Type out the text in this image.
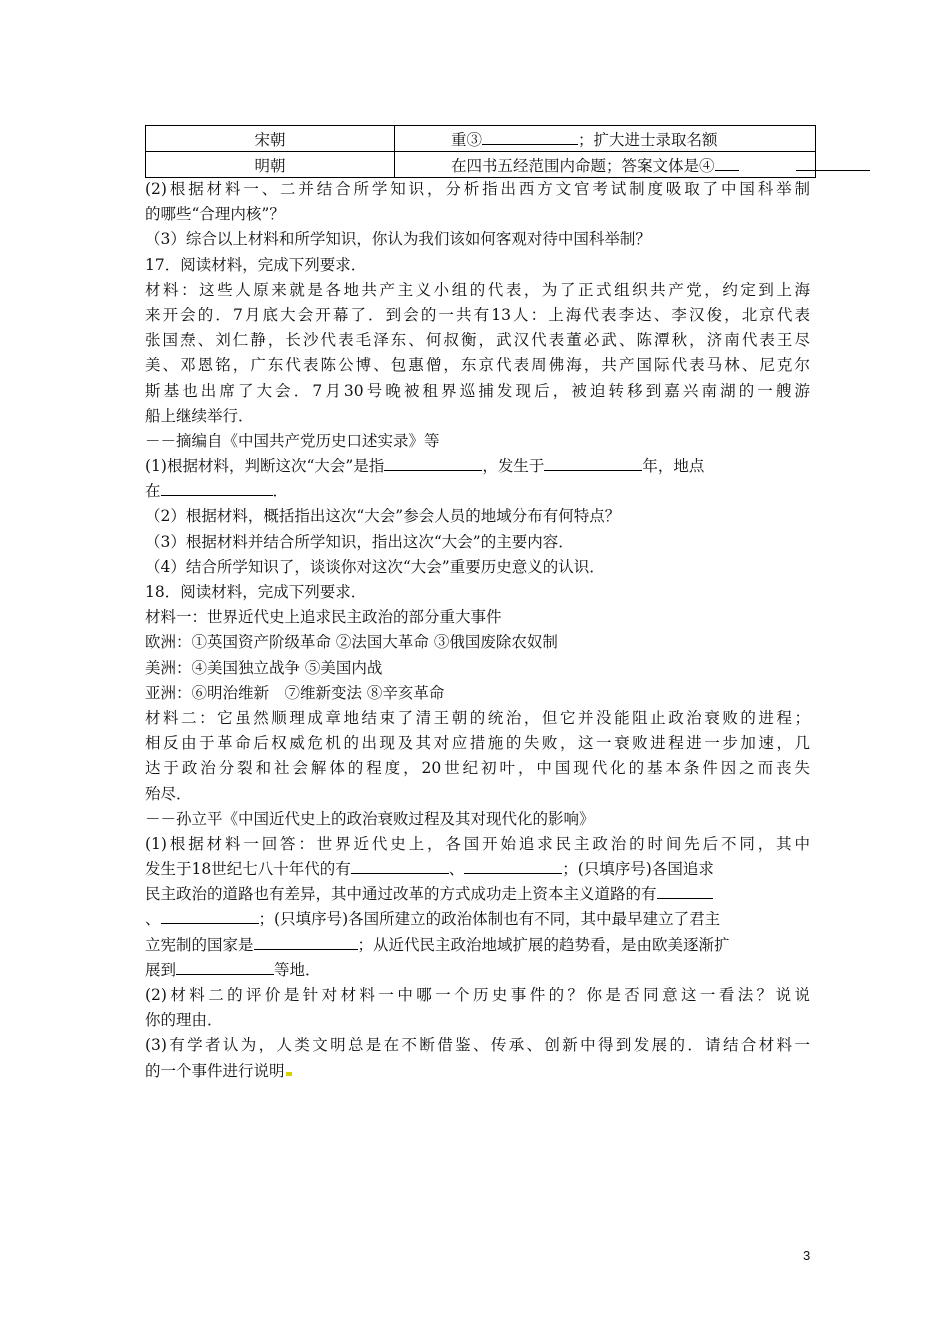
宋朝	重③ ；扩大进士录取名额
明朝	在四书五经范围内命题；答案文体是④
(2)根据材料一、二并结合所学知识，分析指出西方文官考试制度吸取了中国科举制
的哪些“合理内核”？
（3）综合以上材料和所学知识，你认为我们该如何客观对待中国科举制？
17．阅读材料，完成下列要求．
材料：这些人原来就是各地共产主义小组的代表，为了正式组织共产党，约定到上海
来开会的．7月底大会开幕了．到会的一共有13人：上海代表李达、李汉俊，北京代表
张国焘、刘仁静，长沙代表毛泽东、何叔衡，武汉代表董必武、陈潭秋，济南代表王尽
美、邓恩铭，广东代表陈公博、包惠僧，东京代表周佛海，共产国际代表马林、尼克尔
斯基也出席了大会．7月30号晚被租界巡捕发现后，被迫转移到嘉兴南湖的一艘游
船上继续举行．
－－摘编自《中国共产党历史口述实录》等
(1)根据材料，判断这次“大会”是指	，发生于	年，地点
在	．
（2）根据材料，概括指出这次“大会”参会人员的地域分布有何特点？
（3）根据材料并结合所学知识，指出这次“大会”的主要内容．
（4）结合所学知识了，谈谈你对这次“大会”重要历史意义的认识．
18．阅读材料，完成下列要求．
材料一：世界近代史上追求民主政治的部分重大事件
欧洲：①英国资产阶级革命 ②法国大革命 ③俄国废除农奴制
美洲：④美国独立战争 ⑤美国内战
亚洲：⑥明治维新　⑦维新变法 ⑧辛亥革命
材料二：它虽然顺理成章地结束了清王朝的统治，但它并没能阻止政治衰败的进程；
相反由于革命后权威危机的出现及其对应措施的失败，这一衰败进程进一步加速，几
达于政治分裂和社会解体的程度，20世纪初叶，中国现代化的基本条件因之而丧失
殆尽．
－－孙立平《中国近代史上的政治衰败过程及其对现代化的影响》
(1)根据材料一回答：世界近代史上，各国开始追求民主政治的时间先后不同，其中
发生于18世纪七八十年代的有	、	；(只填序号)各国追求
民主政治的道路也有差异，其中通过改革的方式成功走上资本主义道路的有
、	；(只填序号)各国所建立的政治体制也有不同，其中最早建立了君主
立宪制的国家是	；从近代民主政治地域扩展的趋势看，是由欧美逐渐扩
展到	等地．
(2)材料二的评价是针对材料一中哪一个历史事件的？你是否同意这一看法？说说
你的理由．
(3)有学者认为，人类文明总是在不断借鉴、传承、创新中得到发展的．请结合材料一
的一个事件进行说明
3
